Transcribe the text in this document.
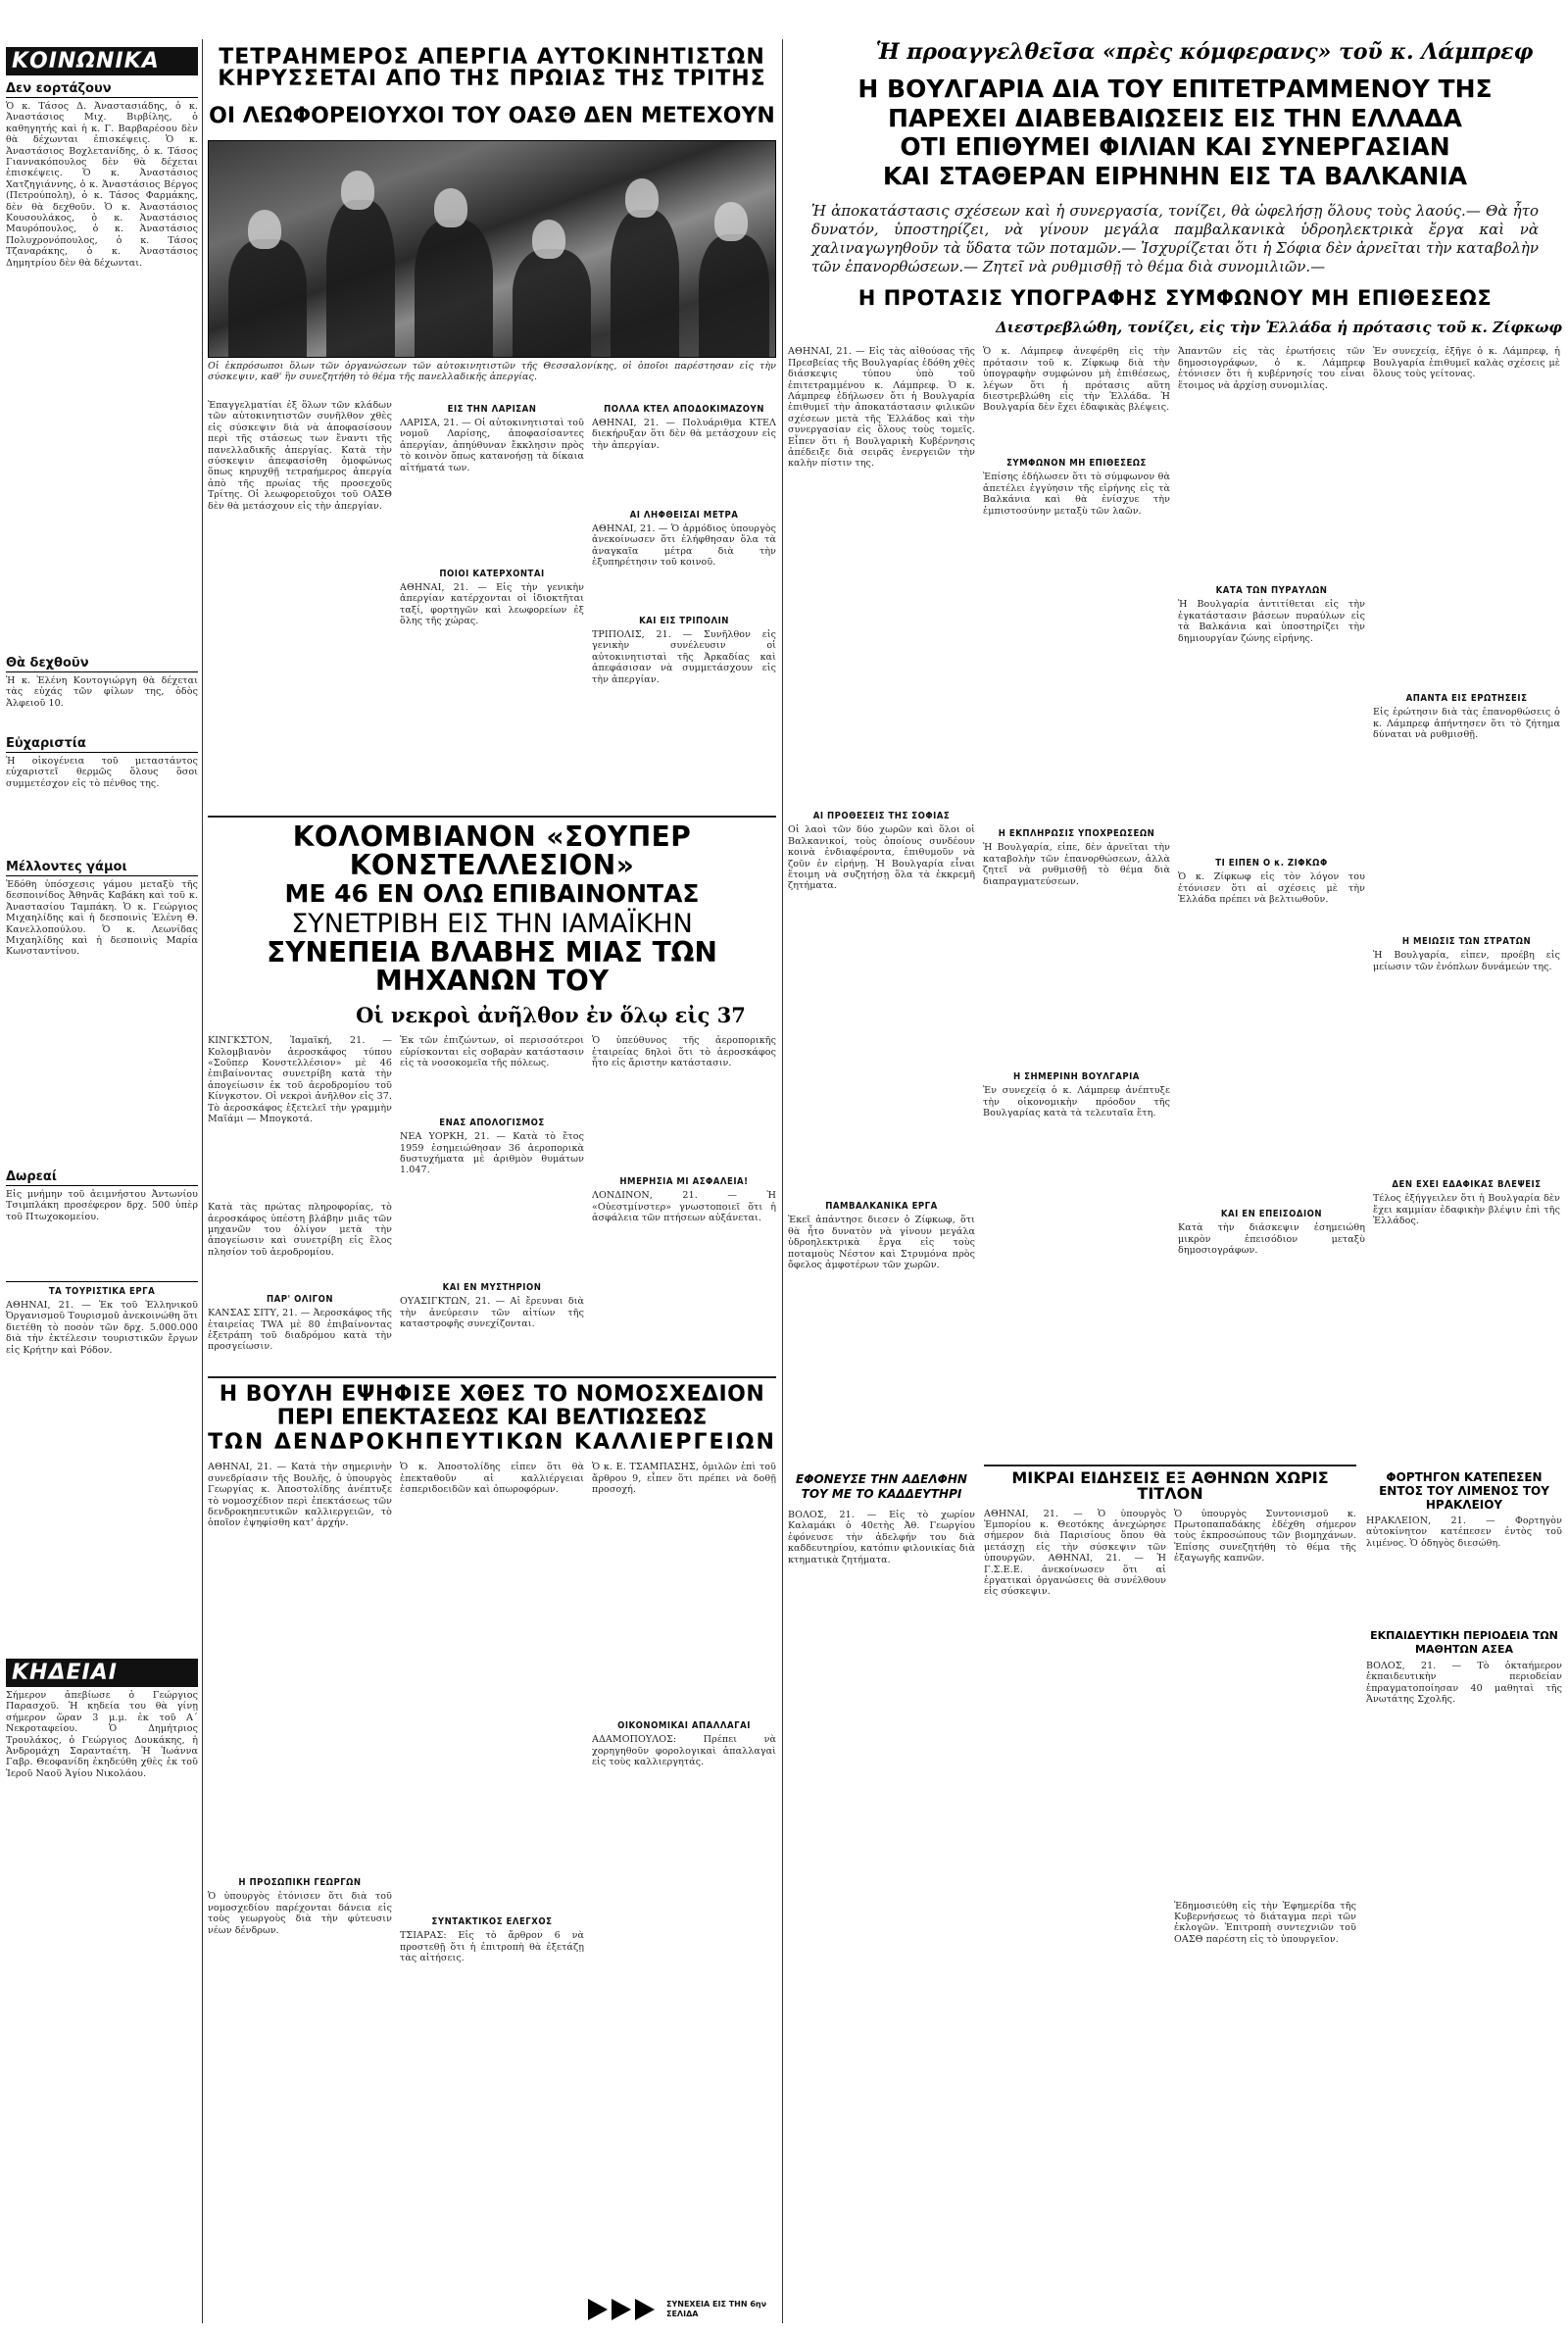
ΚΟΙΝΩΝΙΚΑ
Δεν εορτάζουν
Ὁ κ. Τάσος Δ. Ἀναστασιάδης, ὁ κ. Ἀναστάσιος Μιχ. Βιρβίλης, ὁ καθηγητής καὶ ἡ κ. Γ. Βαρβαρέσου δὲν θὰ δέχωνται ἐπισκέψεις. Ὁ κ. Ἀναστάσιος Βοχλετανίδης, ὁ κ. Τάσος Γιαννακόπουλος δὲν θὰ δέχεται ἐπισκέψεις. Ὁ κ. Ἀναστάσιος Χατζηγιάννης, ὁ κ. Ἀναστάσιος Βέργος (Πετρούπολη), ὁ κ. Τάσος Φαρμάκης, δὲν θὰ δεχθοῦν. Ὁ κ. Ἀναστάσιος Κουσουλάκος, ὁ κ. Ἀναστάσιος Μαυρόπουλος, ὁ κ. Ἀναστάσιος Πολυχρονόπουλος, ὁ κ. Τάσος Τζαναράκης, ὁ κ. Ἀναστάσιος Δημητρίου δὲν θὰ δέχωνται.
Θὰ δεχθοῦν
Ἡ κ. Ἐλένη Κοντογιώργη θὰ δέχεται τὰς εὐχάς τῶν φίλων της, ὁδὸς Ἀλφειοῦ 10.
Εὐχαριστία
Ἡ οἰκογένεια τοῦ μεταστάντος εὐχαριστεῖ θερμῶς ὅλους ὅσοι συμμετέσχον εἰς τὸ πένθος της.
Μέλλοντες γάμοι
Ἐδόθη ὑπόσχεσις γάμου μεταξὺ τῆς δεσποινίδος Ἀθηνᾶς Καβάκη καὶ τοῦ κ. Ἀναστασίου Ταμπάκη. Ὁ κ. Γεώργιος Μιχαηλίδης καὶ ἡ δεσποινὶς Ἐλένη Θ. Κανελλοπούλου. Ὁ κ. Λεωνίδας Μιχαηλίδης καὶ ἡ δεσποινὶς Μαρία Κωνσταντίνου.
Δωρεαί
Εἰς μνήμην τοῦ ἀειμνήστου Ἀντωνίου Τσιμπλάκη προσέφερον δρχ. 500 ὑπὲρ τοῦ Πτωχοκομείου.
ΤΑ ΤΟΥΡΙΣΤΙΚΑ ΕΡΓΑ
ΑΘΗΝΑΙ, 21. — Ἐκ τοῦ Ἑλληνικοῦ Ὀργανισμοῦ Τουρισμοῦ ἀνεκοινώθη ὅτι διετέθη τὸ ποσὸν τῶν δρχ. 5.000.000 διὰ τὴν ἐκτέλεσιν τουριστικῶν ἔργων εἰς Κρήτην καὶ Ρόδον.
ΚΗΔΕΙΑΙ
Σήμερον ἀπεβίωσε ὁ Γεώργιος Παρασχοῦ. Ἡ κηδεία του θὰ γίνῃ σήμερον ὥραν 3 μ.μ. ἐκ τοῦ Α΄ Νεκροταφείου. Ὁ Δημήτριος Τρουλάκος, ὁ Γεώργιος Δουκάκης, ἡ Ἀνδρομάχη Σαρανταέτη. Ἡ Ἰωάννα Γαβρ. Θεοφανίδη ἐκηδεύθη χθὲς ἐκ τοῦ Ἱεροῦ Ναοῦ Ἁγίου Νικολάου.
ΤΕΤΡΑΗΜΕΡΟΣ ΑΠΕΡΓΙΑ ΑΥΤΟΚΙΝΗΤΙΣΤΩΝ ΚΗΡΥΣΣΕΤΑΙ ΑΠΟ ΤΗΣ ΠΡΩΙΑΣ ΤΗΣ ΤΡΙΤΗΣ
ΟΙ ΛΕΩΦΟΡΕΙΟΥΧΟΙ ΤΟΥ ΟΑΣΘ ΔΕΝ ΜΕΤΕΧΟΥΝ
Οἱ ἐκπρόσωποι ὅλων τῶν ὀργανώσεων τῶν αὐτοκινητιστῶν τῆς Θεσσαλονίκης, οἱ ὁποῖοι παρέστησαν εἰς τὴν σύσκεψιν, καθ' ἣν συνεζητήθη τὸ θέμα τῆς πανελλαδικῆς ἀπεργίας.
Ἐπαγγελματίαι ἐξ ὅλων τῶν κλάδων τῶν αὐτοκινητιστῶν συνῆλθον χθὲς εἰς σύσκεψιν διὰ νὰ ἀποφασίσουν περὶ τῆς στάσεως των ἔναντι τῆς πανελλαδικῆς ἀπεργίας. Κατὰ τὴν σύσκεψιν ἀπεφασίσθη ὁμοφώνως ὅπως κηρυχθῇ τετραήμερος ἀπεργία ἀπὸ τῆς πρωίας τῆς προσεχοῦς Τρίτης. Οἱ λεωφορειοῦχοι τοῦ ΟΑΣΘ δὲν θὰ μετάσχουν εἰς τὴν ἀπεργίαν.
ΕΙΣ ΤΗΝ ΛΑΡΙΣΑΝ
ΛΑΡΙΣΑ, 21. — Οἱ αὐτοκινητισταὶ τοῦ νομοῦ Λαρίσης, ἀποφασίσαντες ἀπεργίαν, ἀπηύθυναν ἔκκλησιν πρὸς τὸ κοινὸν ὅπως κατανοήσῃ τὰ δίκαια αἰτήματά των.
ΠΟΙΟΙ ΚΑΤΕΡΧΟΝΤΑΙ
ΑΘΗΝΑΙ, 21. — Εἰς τὴν γενικὴν ἀπεργίαν κατέρχονται οἱ ἰδιοκτῆται ταξί, φορτηγῶν καὶ λεωφορείων ἐξ ὅλης τῆς χώρας.
ΠΟΛΛΑ ΚΤΕΛ ΑΠΟΔΟΚΙΜΑΖΟΥΝ
ΑΘΗΝΑΙ, 21. — Πολυάριθμα ΚΤΕΛ διεκήρυξαν ὅτι δὲν θὰ μετάσχουν εἰς τὴν ἀπεργίαν.
ΑΙ ΛΗΦΘΕΙΣΑΙ ΜΕΤΡΑ
ΑΘΗΝΑΙ, 21. — Ὁ ἁρμόδιος ὑπουργὸς ἀνεκοίνωσεν ὅτι ἐλήφθησαν ὅλα τὰ ἀναγκαῖα μέτρα διὰ τὴν ἐξυπηρέτησιν τοῦ κοινοῦ.
ΚΑΙ ΕΙΣ ΤΡΙΠΟΛΙΝ
ΤΡΙΠΟΛΙΣ, 21. — Συνῆλθον εἰς γενικὴν συνέλευσιν οἱ αὐτοκινητισταὶ τῆς Ἀρκαδίας καὶ ἀπεφάσισαν νὰ συμμετάσχουν εἰς τὴν ἀπεργίαν.
ΚΟΛΟΜΒΙΑΝΟΝ «ΣΟΥΠΕΡ ΚΟΝΣΤΕΛΛΕΣΙΟΝ»
ΜΕ 46 ΕΝ ΟΛΩ ΕΠΙΒΑΙΝΟΝΤΑΣ
ΣΥΝΕΤΡΙΒΗ ΕΙΣ ΤΗΝ ΙΑΜΑΪΚΗΝ
ΣΥΝΕΠΕΙΑ ΒΛΑΒΗΣ ΜΙΑΣ ΤΩΝ ΜΗΧΑΝΩΝ ΤΟΥ
Οἱ νεκροὶ ἀνῆλθον ἐν ὅλῳ εἰς 37
ΚΙΝΓΚΣΤΟΝ, Ἰαμαϊκή, 21. — Κολομβιανὸν ἀεροσκάφος τύπου «Σοῦπερ Κονστελλέσιον» μὲ 46 ἐπιβαίνοντας συνετρίβη κατὰ τὴν ἀπογείωσιν ἐκ τοῦ ἀεροδρομίου τοῦ Κίνγκστον. Οἱ νεκροὶ ἀνῆλθον εἰς 37. Τὸ ἀεροσκάφος ἐξετελεῖ τὴν γραμμὴν Μαϊάμι — Μπογκοτά.
Κατὰ τὰς πρώτας πληροφορίας, τὸ ἀεροσκάφος ὑπέστη βλάβην μιᾶς τῶν μηχανῶν του ὀλίγον μετὰ τὴν ἀπογείωσιν καὶ συνετρίβη εἰς ἕλος πλησίον τοῦ ἀεροδρομίου.
ΠΑΡ' ΟΛΙΓΟΝ
ΚΑΝΣΑΣ ΣΙΤΥ, 21. — Ἀεροσκάφος τῆς ἑταιρείας TWA μὲ 80 ἐπιβαίνοντας ἐξετράπη τοῦ διαδρόμου κατὰ τὴν προσγείωσιν.
Ἐκ τῶν ἐπιζώντων, οἱ περισσότεροι εὑρίσκονται εἰς σοβαρὰν κατάστασιν εἰς τὰ νοσοκομεῖα τῆς πόλεως.
ΕΝΑΣ ΑΠΟΛΟΓΙΣΜΟΣ
ΝΕΑ ΥΟΡΚΗ, 21. — Κατὰ τὸ ἔτος 1959 ἐσημειώθησαν 36 ἀεροπορικὰ δυστυχήματα μὲ ἀριθμὸν θυμάτων 1.047.
ΚΑΙ ΕΝ ΜΥΣΤΗΡΙΟΝ
ΟΥΑΣΙΓΚΤΩΝ, 21. — Αἱ ἔρευναι διὰ τὴν ἀνεύρεσιν τῶν αἰτίων τῆς καταστροφῆς συνεχίζονται.
Ὁ ὑπεύθυνος τῆς ἀεροπορικῆς ἑταιρείας δηλοὶ ὅτι τὸ ἀεροσκάφος ἦτο εἰς ἄριστην κατάστασιν.
ΗΜΕΡΗΣΙΑ ΜΙ ΑΣΦΑΛΕΙΑ!
ΛΟΝΔΙΝΟΝ, 21. — Ἡ «Οὐεστμίνστερ» γνωστοποιεῖ ὅτι ἡ ἀσφάλεια τῶν πτήσεων αὐξάνεται.
Η ΒΟΥΛΗ ΕΨΗΦΙΣΕ ΧΘΕΣ ΤΟ ΝΟΜΟΣΧΕΔΙΟΝ
ΠΕΡΙ ΕΠΕΚΤΑΣΕΩΣ ΚΑΙ ΒΕΛΤΙΩΣΕΩΣ
ΤΩΝ ΔΕΝΔΡΟΚΗΠΕΥΤΙΚΩΝ ΚΑΛΛΙΕΡΓΕΙΩΝ
ΑΘΗΝΑΙ, 21. — Κατὰ τὴν σημερινὴν συνεδρίασιν τῆς Βουλῆς, ὁ ὑπουργὸς Γεωργίας κ. Ἀποστολίδης ἀνέπτυξε τὸ νομοσχέδιον περὶ ἐπεκτάσεως τῶν δενδροκηπευτικῶν καλλιεργειῶν, τὸ ὁποῖον ἐψηφίσθη κατ' ἀρχήν.
Η ΠΡΟΣΩΠΙΚΗ ΓΕΩΡΓΩΝ
Ὁ ὑπουργὸς ἐτόνισεν ὅτι διὰ τοῦ νομοσχεδίου παρέχονται δάνεια εἰς τοὺς γεωργοὺς διὰ τὴν φύτευσιν νέων δένδρων.
Ὁ κ. Ἀποστολίδης εἶπεν ὅτι θὰ ἐπεκταθοῦν αἱ καλλιέργειαι ἐσπεριδοειδῶν καὶ ὀπωροφόρων.
ΣΥΝΤΑΚΤΙΚΟΣ ΕΛΕΓΧΟΣ
ΤΣΙΑΡΑΣ: Εἰς τὸ ἄρθρον 6 νὰ προστεθῇ ὅτι ἡ ἐπιτροπὴ θὰ ἐξετάζῃ τὰς αἰτήσεις.
Ὁ κ. Ε. ΤΣΑΜΠΑΣΗΣ, ὁμιλῶν ἐπὶ τοῦ ἄρθρου 9, εἶπεν ὅτι πρέπει νὰ δοθῇ προσοχή.
ΟΙΚΟΝΟΜΙΚΑΙ ΑΠΑΛΛΑΓΑΙ
ΑΔΑΜΟΠΟΥΛΟΣ: Πρέπει νὰ χορηγηθοῦν φορολογικαὶ ἀπαλλαγαὶ εἰς τοὺς καλλιεργητάς.
ΣΥΝΕΧΕΙΑ ΕΙΣ ΤΗΝ 6ην ΣΕΛΙΔΑ
Ἡ προαγγελθεῖσα «πρὲς κόμφερανς» τοῦ κ. Λάμπρεφ
Η ΒΟΥΛΓΑΡΙΑ ΔΙΑ ΤΟΥ ΕΠΙΤΕΤΡΑΜΜΕΝΟΥ ΤΗΣ
ΠΑΡΕΧΕΙ ΔΙΑΒΕΒΑΙΩΣΕΙΣ ΕΙΣ ΤΗΝ ΕΛΛΑΔΑ
ΟΤΙ ΕΠΙΘΥΜΕΙ ΦΙΛΙΑΝ ΚΑΙ ΣΥΝΕΡΓΑΣΙΑΝ
ΚΑΙ ΣΤΑΘΕΡΑΝ ΕΙΡΗΝΗΝ ΕΙΣ ΤΑ ΒΑΛΚΑΝΙΑ
Ἡ ἀποκατάστασις σχέσεων καὶ ἡ συνεργασία, τονίζει, θὰ ὠφελήσῃ ὅλους τοὺς λαούς.— Θὰ ἦτο δυνατόν, ὑποστηρίζει, νὰ γίνουν μεγάλα παμβαλκανικὰ ὑδροηλεκτρικὰ ἔργα καὶ νὰ χαλιναγωγηθοῦν τὰ ὕδατα τῶν ποταμῶν.— Ἰσχυρίζεται ὅτι ἡ Σόφια δὲν ἀρνεῖται τὴν καταβολὴν τῶν ἐπανορθώσεων.— Ζητεῖ νὰ ρυθμισθῇ τὸ θέμα διὰ συνομιλιῶν.—
Η ΠΡΟΤΑΣΙΣ ΥΠΟΓΡΑΦΗΣ ΣΥΜΦΩΝΟΥ ΜΗ ΕΠΙΘΕΣΕΩΣ
Διεστρεβλώθη, τονίζει, εἰς τὴν Ἑλλάδα ἡ πρότασις τοῦ κ. Ζίφκωφ
ΑΘΗΝΑΙ, 21. — Εἰς τὰς αἰθούσας τῆς Πρεσβείας τῆς Βουλγαρίας ἐδόθη χθὲς διάσκεψις τύπου ὑπὸ τοῦ ἐπιτετραμμένου κ. Λάμπρεφ. Ὁ κ. Λάμπρεφ ἐδήλωσεν ὅτι ἡ Βουλγαρία ἐπιθυμεῖ τὴν ἀποκατάστασιν φιλικῶν σχέσεων μετὰ τῆς Ἑλλάδος καὶ τὴν συνεργασίαν εἰς ὅλους τοὺς τομεῖς. Εἶπεν ὅτι ἡ Βουλγαρικὴ Κυβέρνησις ἀπέδειξε διὰ σειρᾶς ἐνεργειῶν τὴν καλὴν πίστιν της.
ΑΙ ΠΡΟΘΕΣΕΙΣ ΤΗΣ ΣΟΦΙΑΣ
Οἱ λαοὶ τῶν δύο χωρῶν καὶ ὅλοι οἱ Βαλκανικοί, τοὺς ὁποίους συνδέουν κοινὰ ἐνδιαφέροντα, ἐπιθυμοῦν νὰ ζοῦν ἐν εἰρήνῃ. Ἡ Βουλγαρία εἶναι ἕτοιμη νὰ συζητήσῃ ὅλα τὰ ἐκκρεμῆ ζητήματα.
ΠΑΜΒΑΛΚΑΝΙΚΑ ΕΡΓΑ
Ἐκεῖ ἀπάντησε διεσεν ὁ Ζίφκωφ, ὅτι θὰ ἦτο δυνατὸν νὰ γίνουν μεγάλα ὑδροηλεκτρικὰ ἔργα εἰς τοὺς ποταμοὺς Νέστον καὶ Στρυμόνα πρὸς ὄφελος ἀμφοτέρων τῶν χωρῶν.
Ὁ κ. Λάμπρεφ ἀνεφέρθη εἰς τὴν πρότασιν τοῦ κ. Ζίφκωφ διὰ τὴν ὑπογραφὴν συμφώνου μὴ ἐπιθέσεως, λέγων ὅτι ἡ πρότασις αὕτη διεστρεβλώθη εἰς τὴν Ἑλλάδα. Ἡ Βουλγαρία δὲν ἔχει ἐδαφικὰς βλέψεις.
ΣΥΜΦΩΝΟΝ ΜΗ ΕΠΙΘΕΣΕΩΣ
Ἐπίσης ἐδήλωσεν ὅτι τὸ σύμφωνον θὰ ἀπετέλει ἐγγύησιν τῆς εἰρήνης εἰς τὰ Βαλκάνια καὶ θὰ ἐνίσχυε τὴν ἐμπιστοσύνην μεταξὺ τῶν λαῶν.
Η ΕΚΠΛΗΡΩΣΙΣ ΥΠΟΧΡΕΩΣΕΩΝ
Ἡ Βουλγαρία, εἶπε, δὲν ἀρνεῖται τὴν καταβολὴν τῶν ἐπανορθώσεων, ἀλλὰ ζητεῖ νὰ ρυθμισθῇ τὸ θέμα διὰ διαπραγματεύσεων.
Η ΣΗΜΕΡΙΝΗ ΒΟΥΛΓΑΡΙΑ
Ἐν συνεχείᾳ ὁ κ. Λάμπρεφ ἀνέπτυξε τὴν οἰκονομικὴν πρόοδον τῆς Βουλγαρίας κατὰ τὰ τελευταῖα ἔτη.
Ἀπαντῶν εἰς τὰς ἐρωτήσεις τῶν δημοσιογράφων, ὁ κ. Λάμπρεφ ἐτόνισεν ὅτι ἡ κυβέρνησίς του εἶναι ἕτοιμος νὰ ἀρχίσῃ συνομιλίας.
ΚΑΤΑ ΤΩΝ ΠΥΡΑΥΛΩΝ
Ἡ Βουλγαρία ἀντιτίθεται εἰς τὴν ἐγκατάστασιν βάσεων πυραύλων εἰς τὰ Βαλκάνια καὶ ὑποστηρίζει τὴν δημιουργίαν ζώνης εἰρήνης.
ΤΙ ΕΙΠΕΝ Ο κ. ΖΙΦΚΩΦ
Ὁ κ. Ζίφκωφ εἰς τὸν λόγον του ἐτόνισεν ὅτι αἱ σχέσεις μὲ τὴν Ἑλλάδα πρέπει νὰ βελτιωθοῦν.
ΚΑΙ ΕΝ ΕΠΕΙΣΟΔΙΟΝ
Κατὰ τὴν διάσκεψιν ἐσημειώθη μικρὸν ἐπεισόδιον μεταξὺ δημοσιογράφων.
Ἐν συνεχείᾳ, ἐξῆγε ὁ κ. Λάμπρεφ, ἡ Βουλγαρία ἐπιθυμεῖ καλὰς σχέσεις μὲ ὅλους τοὺς γείτονας.
ΑΠΑΝΤΑ ΕΙΣ ΕΡΩΤΗΣΕΙΣ
Εἰς ἐρώτησιν διὰ τὰς ἐπανορθώσεις ὁ κ. Λάμπρεφ ἀπήντησεν ὅτι τὸ ζήτημα δύναται νὰ ρυθμισθῇ.
Η ΜΕΙΩΣΙΣ ΤΩΝ ΣΤΡΑΤΩΝ
Ἡ Βουλγαρία, εἶπεν, προέβη εἰς μείωσιν τῶν ἐνόπλων δυνάμεών της.
ΔΕΝ ΕΧΕΙ ΕΔΑΦΙΚΑΣ ΒΛΕΨΕΙΣ
Τέλος ἐξήγγειλεν ὅτι ἡ Βουλγαρία δὲν ἔχει καμμίαν ἐδαφικὴν βλέψιν ἐπὶ τῆς Ἑλλάδος.
ΕΦΟΝΕΥΣΕ ΤΗΝ ΑΔΕΛΦΗΝ ΤΟΥ ΜΕ ΤΟ ΚΑΔΔΕΥΤΗΡΙ
ΒΟΛΟΣ, 21. — Εἰς τὸ χωρίον Καλαμάκι ὁ 40ετὴς Ἀθ. Γεωργίου ἐφόνευσε τὴν ἀδελφήν του διὰ καδδευτηρίου, κατόπιν φιλονικίας διὰ κτηματικὰ ζητήματα.
ΜΙΚΡΑΙ ΕΙΔΗΣΕΙΣ ΕΞ ΑΘΗΝΩΝ ΧΩΡΙΣ ΤΙΤΛΟΝ
ΑΘΗΝΑΙ, 21. — Ὁ ὑπουργὸς Ἐμπορίου κ. Θεοτόκης ἀνεχώρησε σήμερον διὰ Παρισίους ὅπου θὰ μετάσχῃ εἰς τὴν σύσκεψιν τῶν ὑπουργῶν. ΑΘΗΝΑΙ, 21. — Ἡ Γ.Σ.Ε.Ε. ἀνεκοίνωσεν ὅτι αἱ ἐργατικαὶ ὀργανώσεις θὰ συνέλθουν εἰς σύσκεψιν.
Ὁ ὑπουργὸς Συντονισμοῦ κ. Πρωτοπαπαδάκης ἐδέχθη σήμερον τοὺς ἐκπροσώπους τῶν βιομηχάνων. Ἐπίσης συνεζητήθη τὸ θέμα τῆς ἐξαγωγῆς καπνῶν.
Ἐδημοσιεύθη εἰς τὴν Ἐφημερίδα τῆς Κυβερνήσεως τὸ διάταγμα περὶ τῶν ἐκλογῶν. Ἐπιτροπὴ συντεχνιῶν τοῦ ΟΑΣΘ παρέστη εἰς τὸ ὑπουργεῖον.
ΦΟΡΤΗΓΟΝ ΚΑΤΕΠΕΣΕΝ ΕΝΤΟΣ ΤΟΥ ΛΙΜΕΝΟΣ ΤΟΥ ΗΡΑΚΛΕΙΟΥ
ΗΡΑΚΛΕΙΟΝ, 21. — Φορτηγὸν αὐτοκίνητον κατέπεσεν ἐντὸς τοῦ λιμένος. Ὁ ὁδηγὸς διεσώθη.
ΕΚΠΑΙΔΕΥΤΙΚΗ ΠΕΡΙΟΔΕΙΑ ΤΩΝ ΜΑΘΗΤΩΝ ΑΣΕΑ
ΒΟΛΟΣ, 21. — Τὸ ὀκταήμερον ἐκπαιδευτικὴν περιοδείαν ἐπραγματοποίησαν 40 μαθηταὶ τῆς Ἀνωτάτης Σχολῆς.
